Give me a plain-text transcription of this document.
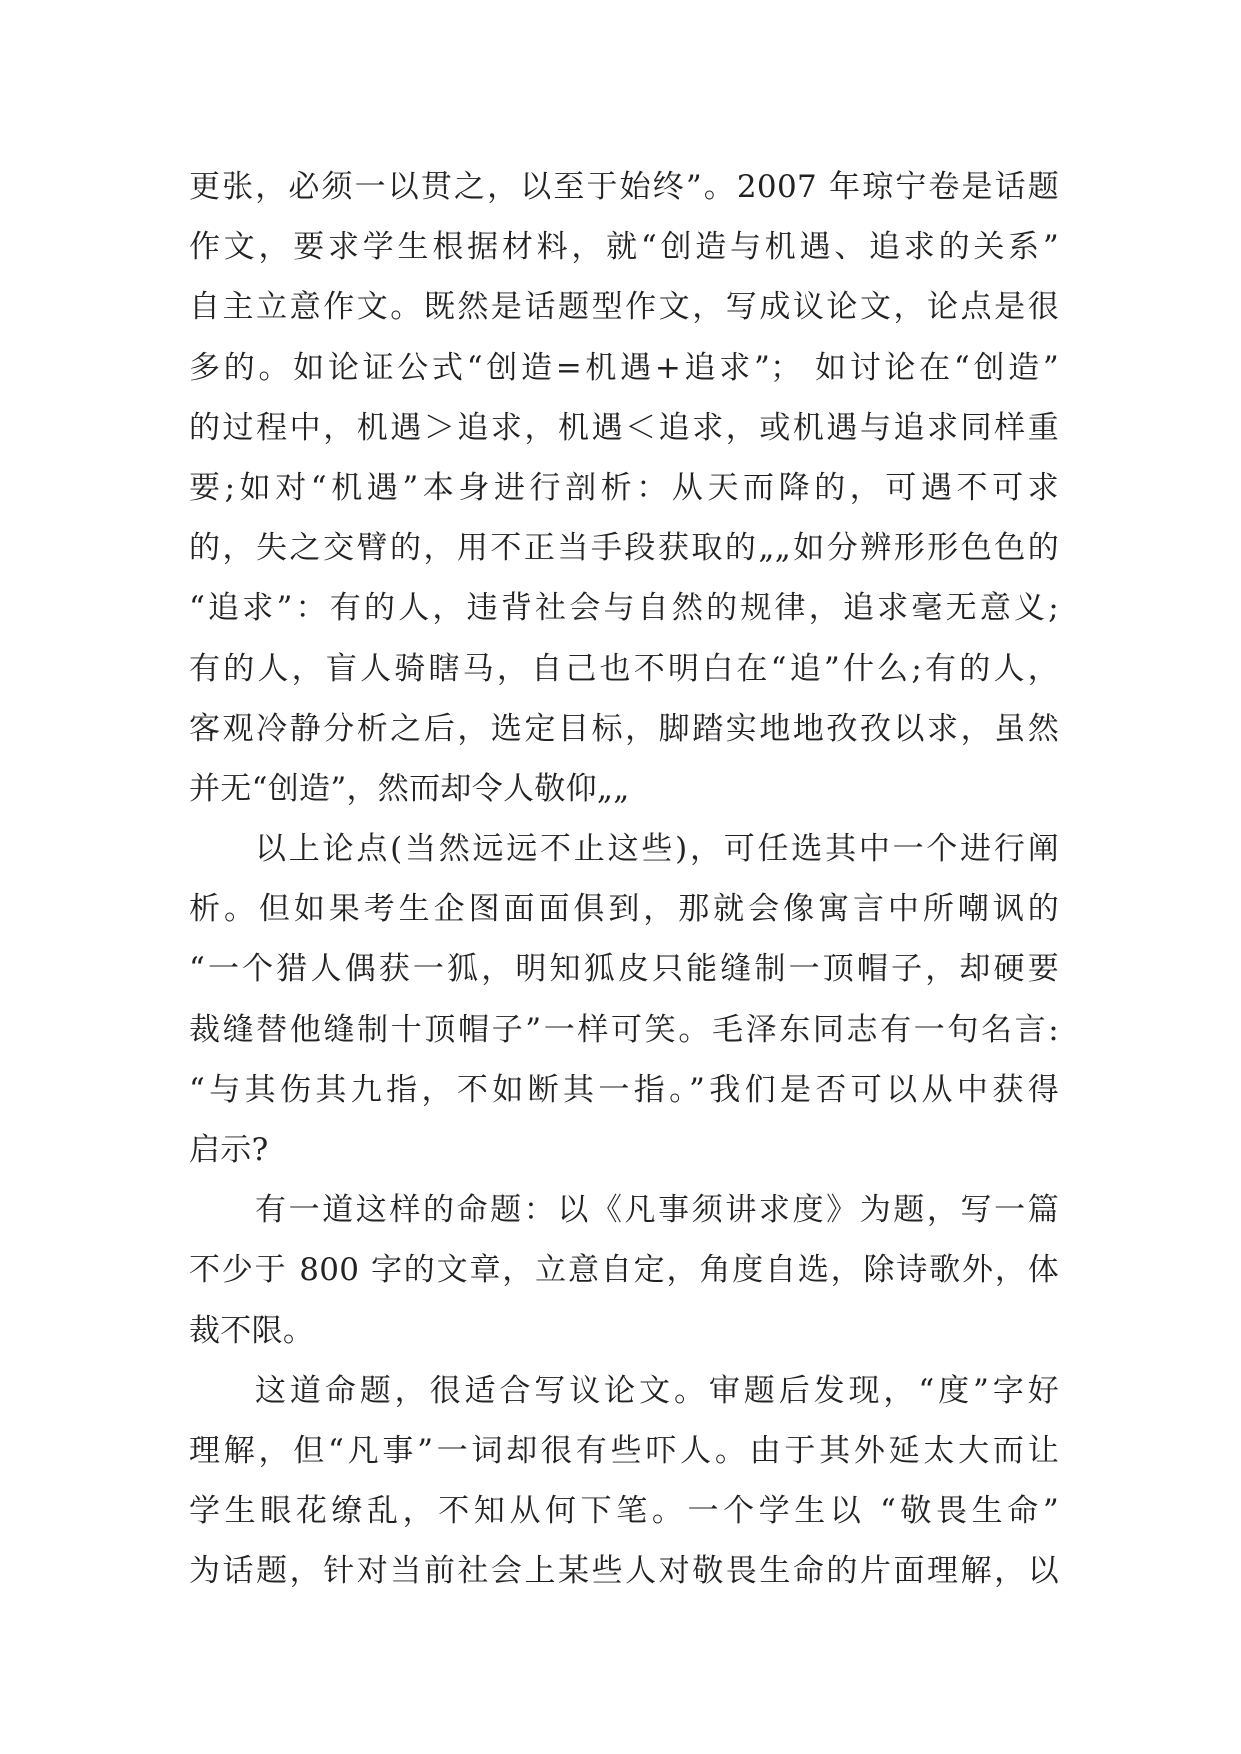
更张，必须一以贯之，以至于始终”。2007 年琼宁卷是话题
作文，要求学生根据材料，就“创造与机遇、追求的关系”
自主立意作文。既然是话题型作文，写成议论文，论点是很
多的。如论证公式“创造=机遇+追求”； 如讨论在“创造”
的过程中，机遇＞追求，机遇＜追求，或机遇与追求同样重
要;如对“机遇”本身进行剖析：从天而降的，可遇不可求
的，失之交臂的，用不正当手段获取的„„如分辨形形色色的
“追求”：有的人，违背社会与自然的规律，追求毫无意义;
有的人，盲人骑瞎马，自己也不明白在“追”什么;有的人，
客观冷静分析之后，选定目标，脚踏实地地孜孜以求，虽然
并无“创造”，然而却令人敬仰„„
以上论点(当然远远不止这些)，可任选其中一个进行阐
析。但如果考生企图面面俱到，那就会像寓言中所嘲讽的
“一个猎人偶获一狐，明知狐皮只能缝制一顶帽子，却硬要
裁缝替他缝制十顶帽子”一样可笑。毛泽东同志有一句名言:
“与其伤其九指，不如断其一指。”我们是否可以从中获得
启示?
有一道这样的命题：以《凡事须讲求度》为题，写一篇
不少于 800 字的文章，立意自定，角度自选，除诗歌外，体
裁不限。
这道命题，很适合写议论文。审题后发现，“度”字好
理解，但“凡事”一词却很有些吓人。由于其外延太大而让
学生眼花缭乱，不知从何下笔。一个学生以 “敬畏生命”
为话题，针对当前社会上某些人对敬畏生命的片面理解，以
